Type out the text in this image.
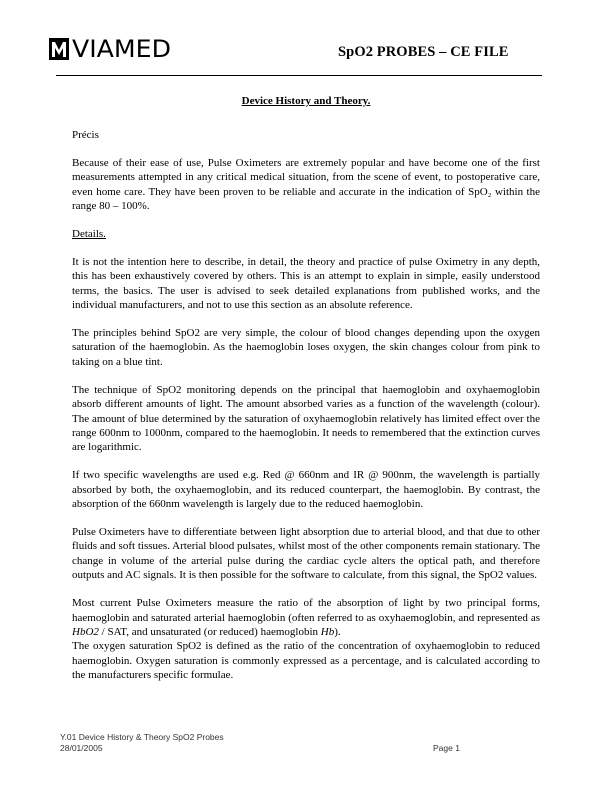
VIAMED	SpO2 PROBES – CE FILE
Device History and Theory.

Précis

Because of their ease of use, Pulse Oximeters are extremely popular and have become one of the first measurements attempted in any critical medical situation, from the scene of event, to postoperative care, even home care. They have been proven to be reliable and accurate in the indication of SpO₂ within the range 80 – 100%.

Details.

It is not the intention here to describe, in detail, the theory and practice of pulse Oximetry in any depth, this has been exhaustively covered by others. This is an attempt to explain in simple, easily understood terms, the basics. The user is advised to seek detailed explanations from published works, and the individual manufacturers, and not to use this section as an absolute reference.

The principles behind SpO2 are very simple, the colour of blood changes depending upon the oxygen saturation of the haemoglobin. As the haemoglobin loses oxygen, the skin changes colour from pink to taking on a blue tint.

The technique of SpO2 monitoring depends on the principal that haemoglobin and oxyhaemoglobin absorb different amounts of light. The amount absorbed varies as a function of the wavelength (colour). The amount of blue determined by the saturation of oxyhaemoglobin relatively has limited effect over the range 600nm to 1000nm, compared to the haemoglobin. It needs to remembered that the extinction curves are logarithmic.

If two specific wavelengths are used e.g. Red @ 660nm and IR @ 900nm, the wavelength is partially absorbed by both, the oxyhaemoglobin, and its reduced counterpart, the haemoglobin. By contrast, the absorption of the 660nm wavelength is largely due to the reduced haemoglobin.

Pulse Oximeters have to differentiate between light absorption due to arterial blood, and that due to other fluids and soft tissues. Arterial blood pulsates, whilst most of the other components remain stationary. The change in volume of the arterial pulse during the cardiac cycle alters the optical path, and therefore outputs and AC signals. It is then possible for the software to calculate, from this signal, the SpO2 values.

Most current Pulse Oximeters measure the ratio of the absorption of light by two principal forms, haemoglobin and saturated arterial haemoglobin (often referred to as oxyhaemoglobin, and represented as HbO2 / SAT, and unsaturated (or reduced) haemoglobin Hb).

The oxygen saturation SpO2 is defined as the ratio of the concentration of oxyhaemoglobin to reduced haemoglobin. Oxygen saturation is commonly expressed as a percentage, and is calculated according to the manufacturers specific formulae.

Y.01 Device History & Theory SpO2 Probes
28/01/2005	Page 1
